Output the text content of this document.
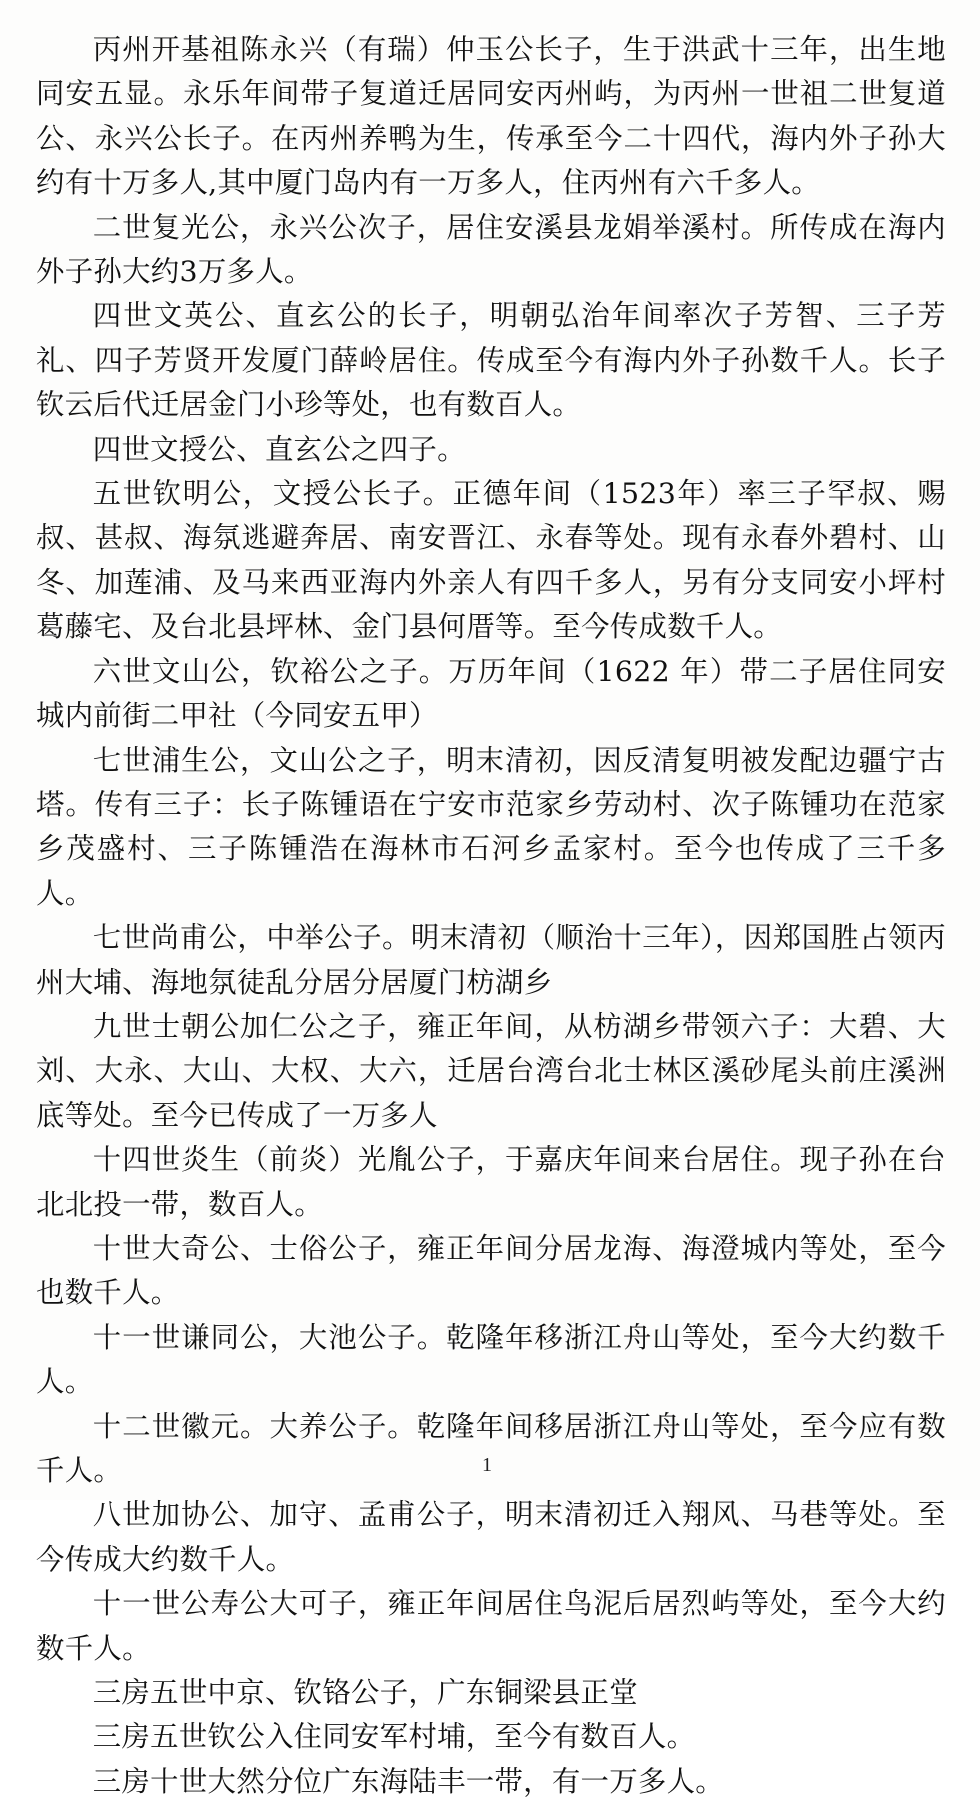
丙州开基祖陈永兴（有瑞）仲玉公长子，生于洪武十三年，出生地同安五显。永乐年间带子复道迁居同安丙州屿，为丙州一世祖二世复道公、永兴公长子。在丙州养鸭为生，传承至今二十四代，海内外子孙大约有十万多人,其中厦门岛内有一万多人，住丙州有六千多人。

二世复光公，永兴公次子，居住安溪县龙娟举溪村。所传成在海内外子孙大约3万多人。

四世文英公、直玄公的长子，明朝弘治年间率次子芳智、三子芳礼、四子芳贤开发厦门薛岭居住。传成至今有海内外子孙数千人。长子钦云后代迁居金门小珍等处，也有数百人。

四世文授公、直玄公之四子。

五世钦明公，文授公长子。正德年间（1523年）率三子罕叔、赐叔、甚叔、海氛逃避奔居、南安晋江、永春等处。现有永春外碧村、山冬、加莲浦、及马来西亚海内外亲人有四千多人，另有分支同安小坪村葛藤宅、及台北县坪林、金门县何厝等。至今传成数千人。

六世文山公，钦裕公之子。万历年间（1622 年）带二子居住同安城内前街二甲社（今同安五甲）

七世浦生公，文山公之子，明末清初，因反清复明被发配边疆宁古塔。传有三子：长子陈锺语在宁安市范家乡劳动村、次子陈锺功在范家乡茂盛村、三子陈锺浩在海林市石河乡孟家村。至今也传成了三千多人。

七世尚甫公，中举公子。明末清初（顺治十三年），因郑国胜占领丙州大埔、海地氛徒乱分居分居厦门枋湖乡

九世士朝公加仁公之子，雍正年间，从枋湖乡带领六子：大碧、大刘、大永、大山、大权、大六，迁居台湾台北士林区溪砂尾头前庄溪洲底等处。至今已传成了一万多人

十四世炎生（前炎）光胤公子，于嘉庆年间来台居住。现子孙在台北北投一带，数百人。

十世大奇公、士俗公子，雍正年间分居龙海、海澄城内等处，至今也数千人。

十一世谦同公，大池公子。乾隆年移浙江舟山等处，至今大约数千人。

十二世徽元。大养公子。乾隆年间移居浙江舟山等处，至今应有数千人。

八世加协公、加守、孟甫公子，明末清初迁入翔风、马巷等处。至今传成大约数千人。

十一世公寿公大可子，雍正年间居住鸟泥后居烈屿等处，至今大约数千人。

三房五世中京、钦铬公子，广东铜梁县正堂

三房五世钦公入住同安军村埔，至今有数百人。

三房十世大然分位广东海陆丰一带，有一万多人。

1
